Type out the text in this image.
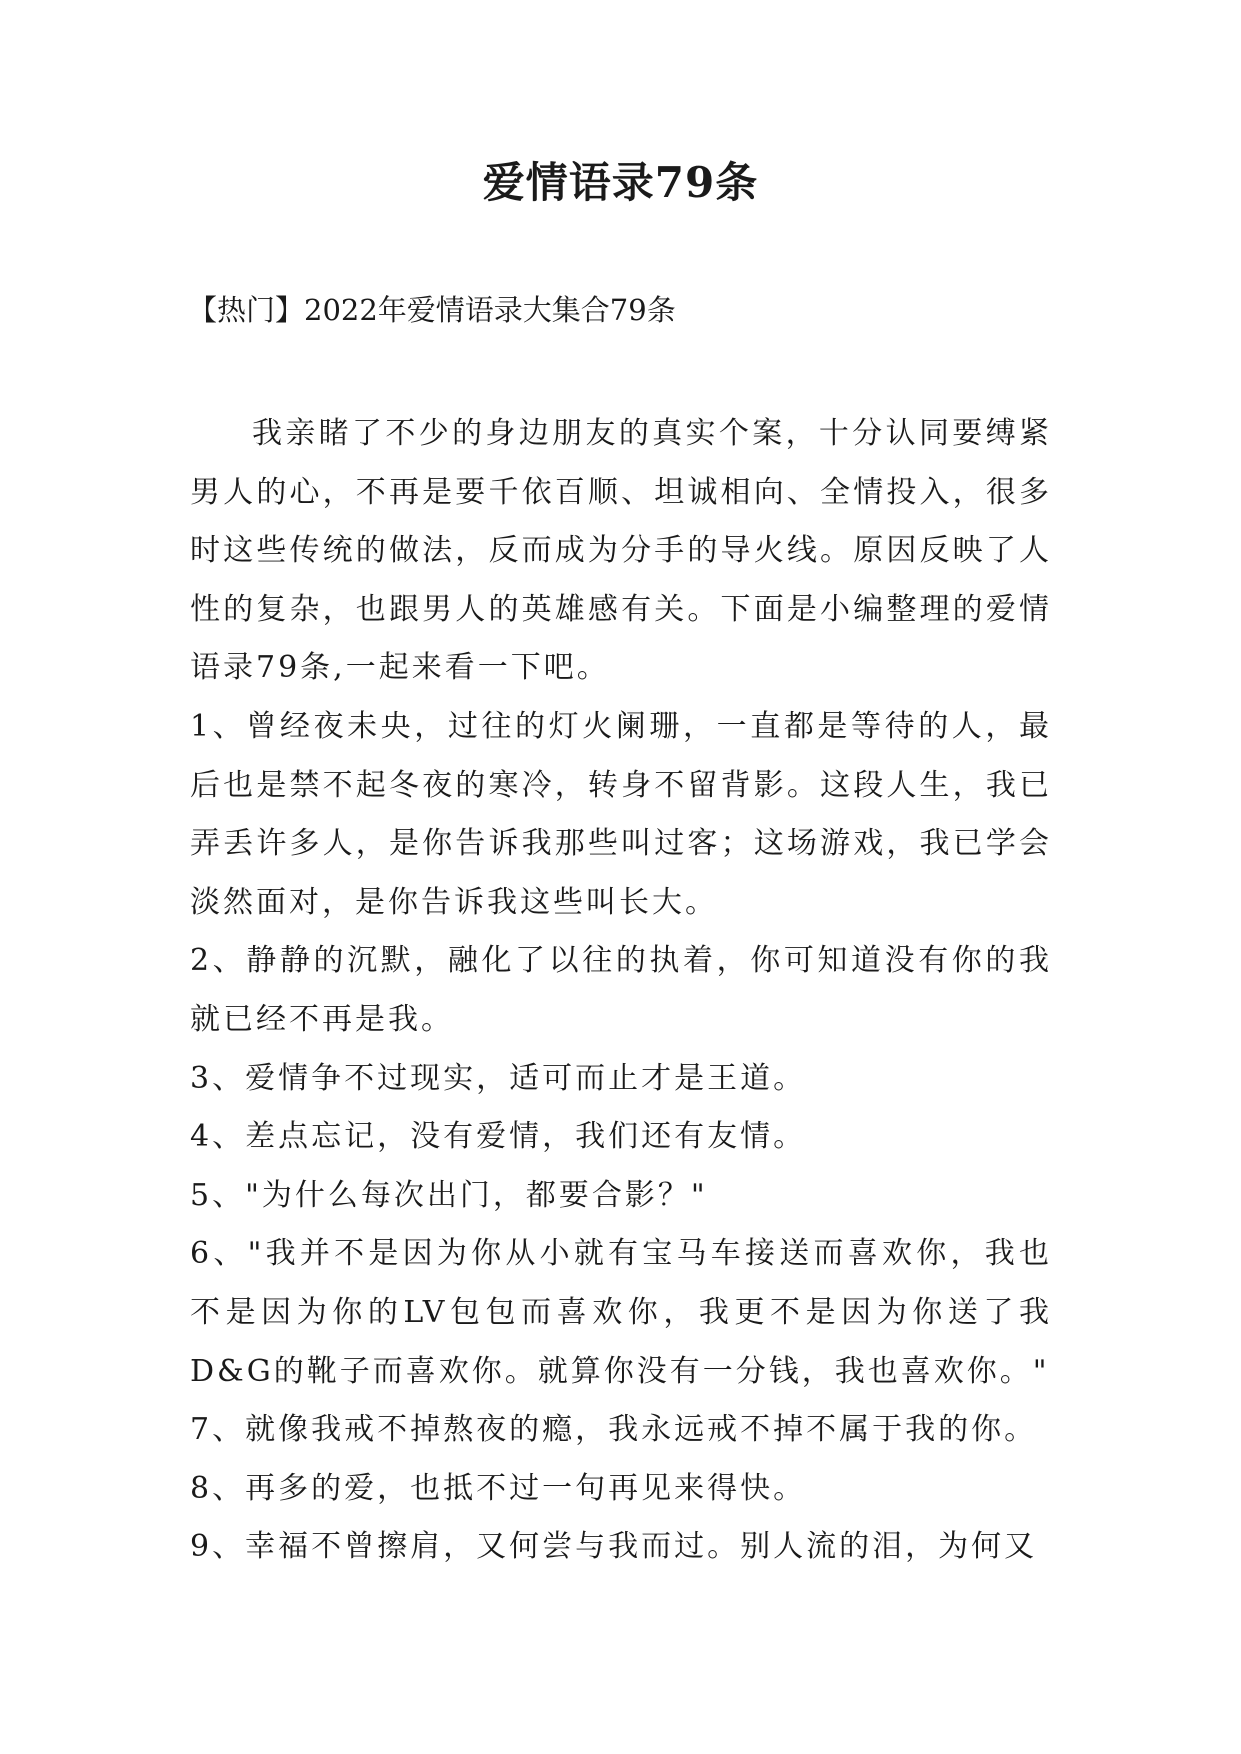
爱情语录79条

【热门】2022年爱情语录大集合79条

我亲睹了不少的身边朋友的真实个案，十分认同要缚紧男人的心，不再是要千依百顺、坦诚相向、全情投入，很多时这些传统的做法，反而成为分手的导火线。原因反映了人性的复杂，也跟男人的英雄感有关。下面是小编整理的爱情语录79条,一起来看一下吧。

1、曾经夜未央，过往的灯火阑珊，一直都是等待的人，最后也是禁不起冬夜的寒冷，转身不留背影。这段人生，我已弄丢许多人，是你告诉我那些叫过客；这场游戏，我已学会淡然面对，是你告诉我这些叫长大。

2、静静的沉默，融化了以往的执着，你可知道没有你的我就已经不再是我。

3、爱情争不过现实，适可而止才是王道。

4、差点忘记，没有爱情，我们还有友情。

5、"为什么每次出门，都要合影？"

6、"我并不是因为你从小就有宝马车接送而喜欢你，我也不是因为你的LV包包而喜欢你，我更不是因为你送了我D&G的靴子而喜欢你。就算你没有一分钱，我也喜欢你。"

7、就像我戒不掉熬夜的瘾，我永远戒不掉不属于我的你。

8、再多的爱，也抵不过一句再见来得快。

9、幸福不曾擦肩，又何尝与我而过。别人流的泪，为何又
